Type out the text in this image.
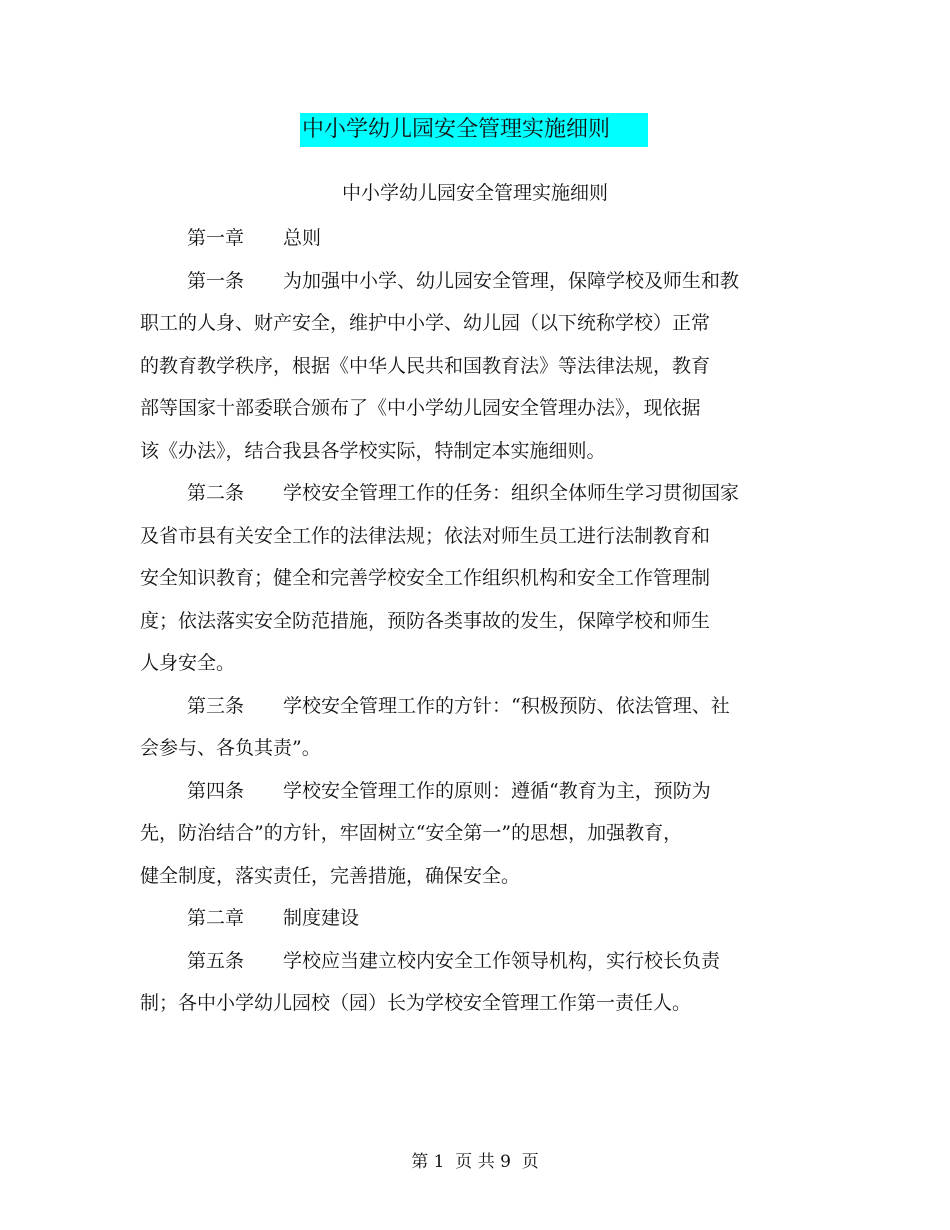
中小学幼儿园安全管理实施细则
中小学幼儿园安全管理实施细则

第一章 总则

第一条 为加强中小学、幼儿园安全管理，保障学校及师生和教
职工的人身、财产安全，维护中小学、幼儿园（以下统称学校）正常
的教育教学秩序，根据《中华人民共和国教育法》等法律法规，教育
部等国家十部委联合颁布了《中小学幼儿园安全管理办法》，现依据
该《办法》，结合我县各学校实际，特制定本实施细则。

第二条 学校安全管理工作的任务：组织全体师生学习贯彻国家
及省市县有关安全工作的法律法规；依法对师生员工进行法制教育和
安全知识教育；健全和完善学校安全工作组织机构和安全工作管理制
度；依法落实安全防范措施，预防各类事故的发生，保障学校和师生
人身安全。

第三条 学校安全管理工作的方针：“积极预防、依法管理、社
会参与、各负其责”。

第四条 学校安全管理工作的原则：遵循“教育为主，预防为
先，防治结合”的方针，牢固树立“安全第一”的思想，加强教育，
健全制度，落实责任，完善措施，确保安全。

第二章 制度建设

第五条 学校应当建立校内安全工作领导机构，实行校长负责
制；各中小学幼儿园校（园）长为学校安全管理工作第一责任人。

第 1  页 共 9  页
